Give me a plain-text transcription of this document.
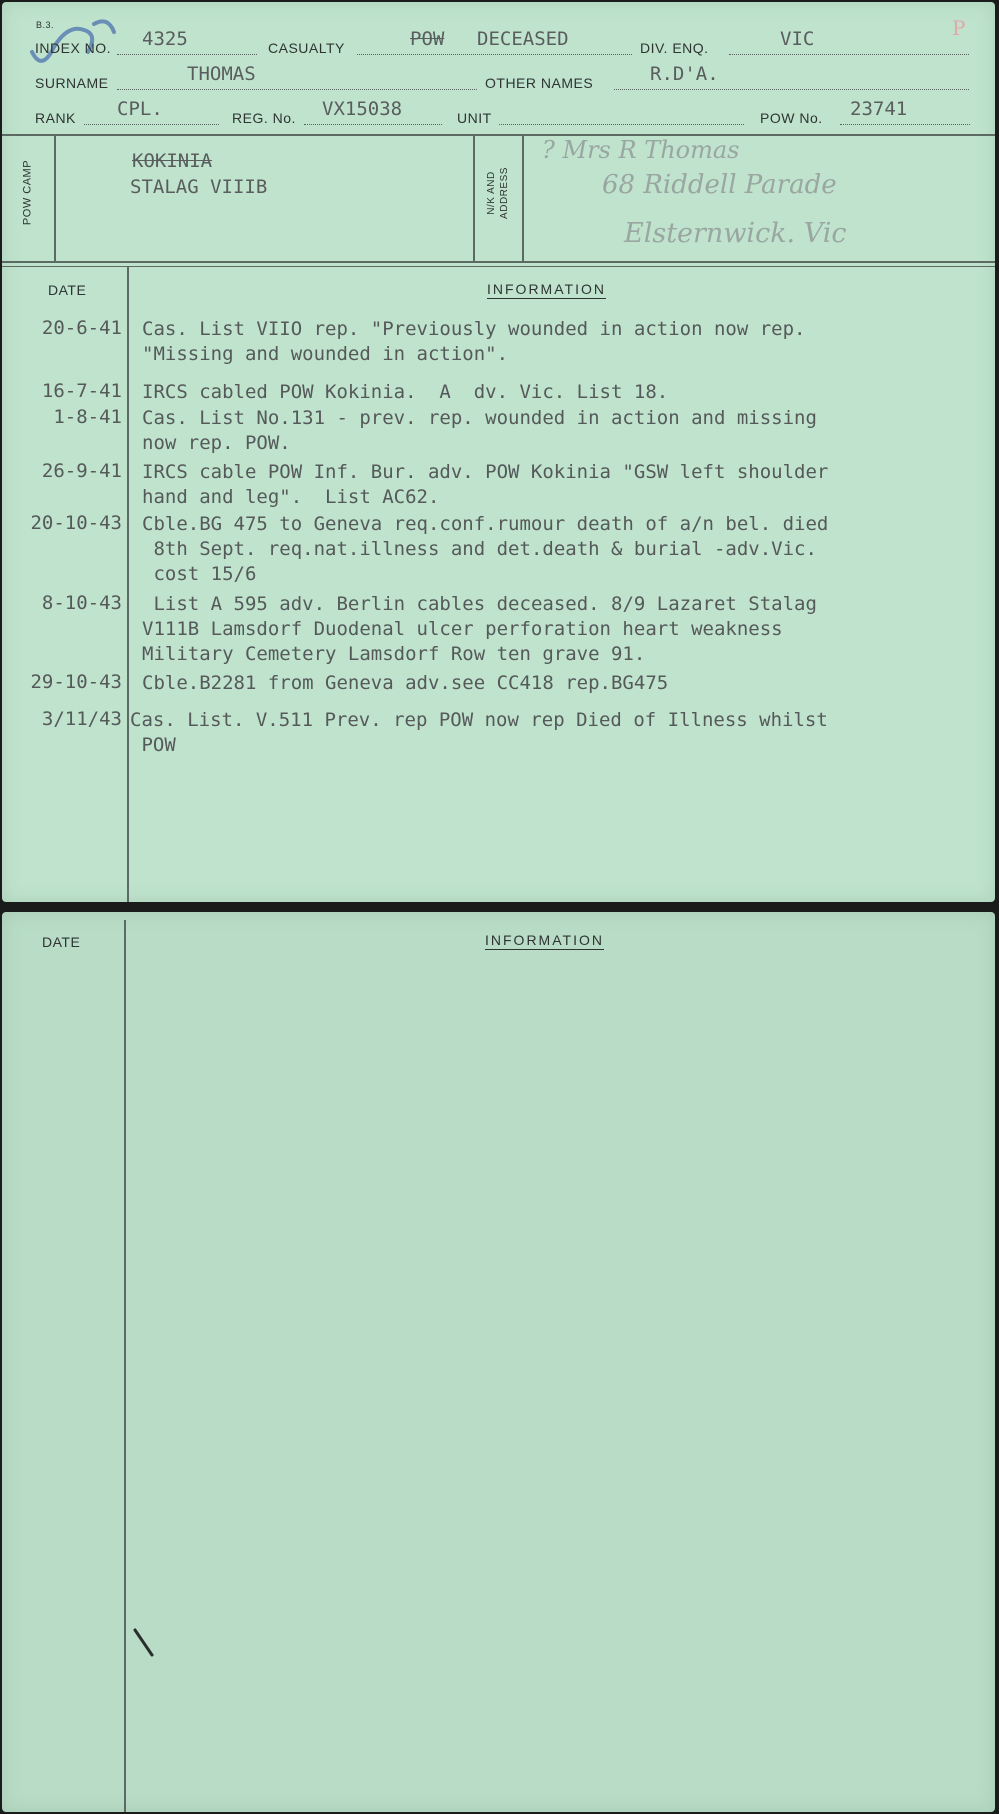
B.3.	P
INDEX NO. 4325	CASUALTY	POW DECEASED	DIV. ENQ.	VIC
SURNAME	THOMAS	OTHER NAMES	R.D'A.
RANK CPL.	REG. No. VX15038	UNIT	POW No. 23741
POW CAMP	N/K AND ADDRESS
KOKINIA
STALAG VIIIB
? Mrs R Thomas
68 Riddell Parade
Elsternwick. Vic
DATE	INFORMATION
20-6-41 Cas. List VIIO rep. "Previously wounded in action now rep.
"Missing and wounded in action".
16-7-41 IRCS cabled POW Kokinia.  A  dv. Vic. List 18.
1-8-41 Cas. List No.131 - prev. rep. wounded in action and missing
now rep. POW.
26-9-41 IRCS cable POW Inf. Bur. adv. POW Kokinia "GSW left shoulder
hand and leg".  List AC62.
20-10-43 Cble.BG 475 to Geneva req.conf.rumour death of a/n bel. died
8th Sept. req.nat.illness and det.death & burial -adv.Vic.
cost 15/6
8-10-43	List A 595 adv. Berlin cables deceased. 8/9 Lazaret Stalag
V111B Lamsdorf Duodenal ulcer perforation heart weakness
Military Cemetery Lamsdorf Row ten grave 91.
29-10-43 Cble.B2281 from Geneva adv.see CC418 rep.BG475
3/11/43 Cas. List. V.511 Prev. rep POW now rep Died of Illness whilst
POW
DATE	INFORMATION
